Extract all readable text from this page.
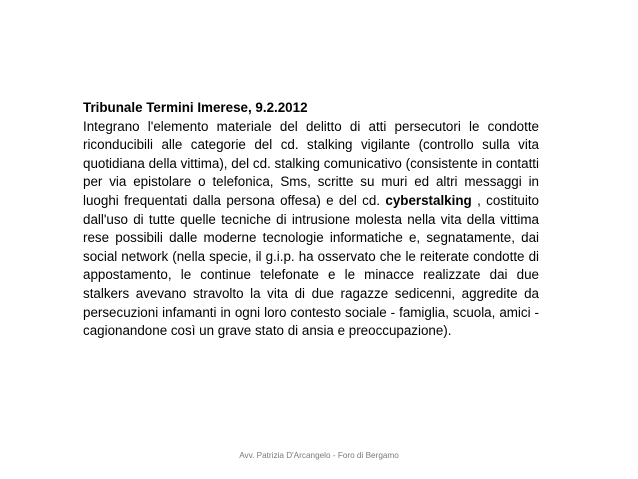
Tribunale Termini Imerese, 9.2.2012
Integrano l'elemento materiale del delitto di atti persecutori le condotte riconducibili alle categorie del cd. stalking vigilante (controllo sulla vita quotidiana della vittima), del cd. stalking comunicativo (consistente in contatti per via epistolare o telefonica, Sms, scritte su muri ed altri messaggi in luoghi frequentati dalla persona offesa) e del cd. cyberstalking , costituito dall'uso di tutte quelle tecniche di intrusione molesta nella vita della vittima rese possibili dalle moderne tecnologie informatiche e, segnatamente, dai social network (nella specie, il g.i.p. ha osservato che le reiterate condotte di appostamento, le continue telefonate e le minacce realizzate dai due stalkers avevano stravolto la vita di due ragazze sedicenni, aggredite da persecuzioni infamanti in ogni loro contesto sociale - famiglia, scuola, amici - cagionandone così un grave stato di ansia e preoccupazione).
Avv. Patrizia D'Arcangelo - Foro di Bergamo
